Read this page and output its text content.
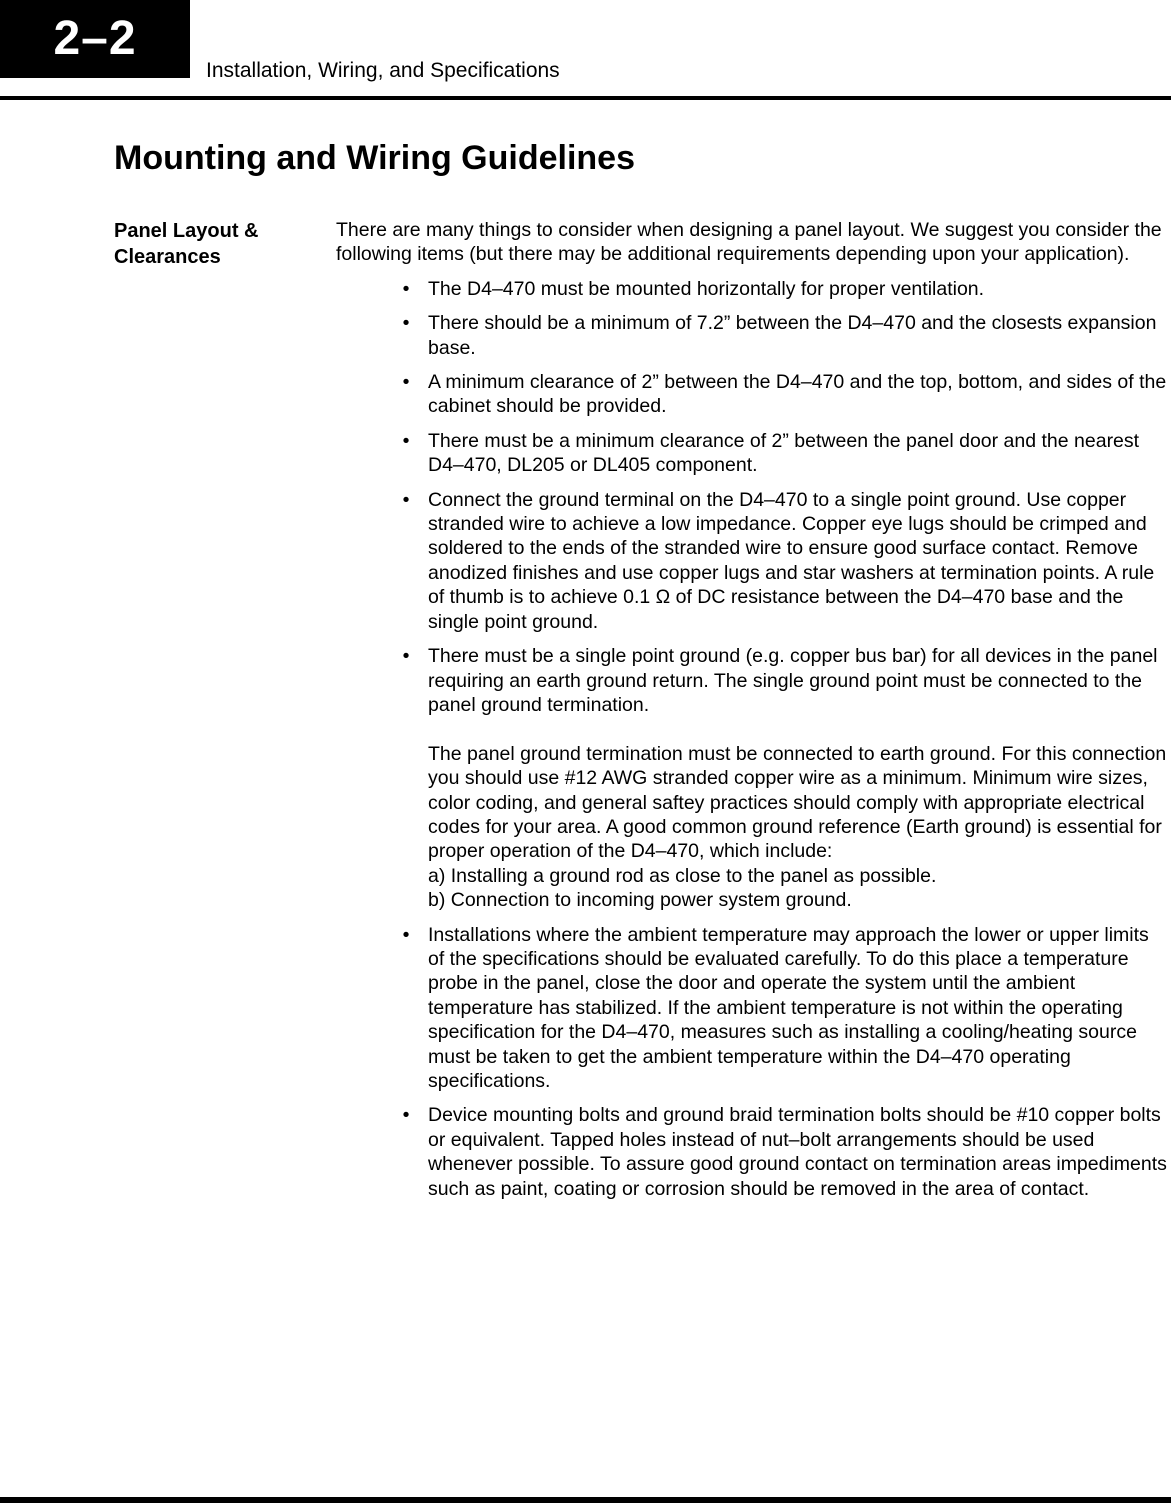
2–2
Installation, Wiring, and Specifications
Mounting and Wiring Guidelines
Panel Layout &
Clearances

There are many things to consider when designing a panel layout. We suggest you consider the following items (but there may be additional requirements depending upon your application).

• The D4–470 must be mounted horizontally for proper ventilation.

• There should be a minimum of 7.2” between the D4–470 and the closests expansion base.

• A minimum clearance of 2” between the D4–470 and the top, bottom, and sides of the cabinet should be provided.

• There must be a minimum clearance of 2” between the panel door and the nearest D4–470, DL205 or DL405 component.

• Connect the ground terminal on the D4–470 to a single point ground. Use copper stranded wire to achieve a low impedance. Copper eye lugs should be crimped and soldered to the ends of the stranded wire to ensure good surface contact. Remove anodized finishes and use copper lugs and star washers at termination points. A rule of thumb is to achieve 0.1 Ω of DC resistance between the D4–470 base and the single point ground.

• There must be a single point ground (e.g. copper bus bar) for all devices in the panel requiring an earth ground return. The single ground point must be connected to the panel ground termination.

The panel ground termination must be connected to earth ground. For this connection you should use #12 AWG stranded copper wire as a minimum. Minimum wire sizes, color coding, and general saftey practices should comply with appropriate electrical codes for your area. A good common ground reference (Earth ground) is essential for proper operation of the D4–470, which include:

a) Installing a ground rod as close to the panel as possible.

b) Connection to incoming power system ground.

• Installations where the ambient temperature may approach the lower or upper limits of the specifications should be evaluated carefully. To do this place a temperature probe in the panel, close the door and operate the system until the ambient temperature has stabilized. If the ambient temperature is not within the operating specification for the D4–470, measures such as installing a cooling/heating source must be taken to get the ambient temperature within the D4–470 operating specifications.

• Device mounting bolts and ground braid termination bolts should be #10 copper bolts or equivalent. Tapped holes instead of nut–bolt arrangements should be used whenever possible. To assure good ground contact on termination areas impediments such as paint, coating or corrosion should be removed in the area of contact.
